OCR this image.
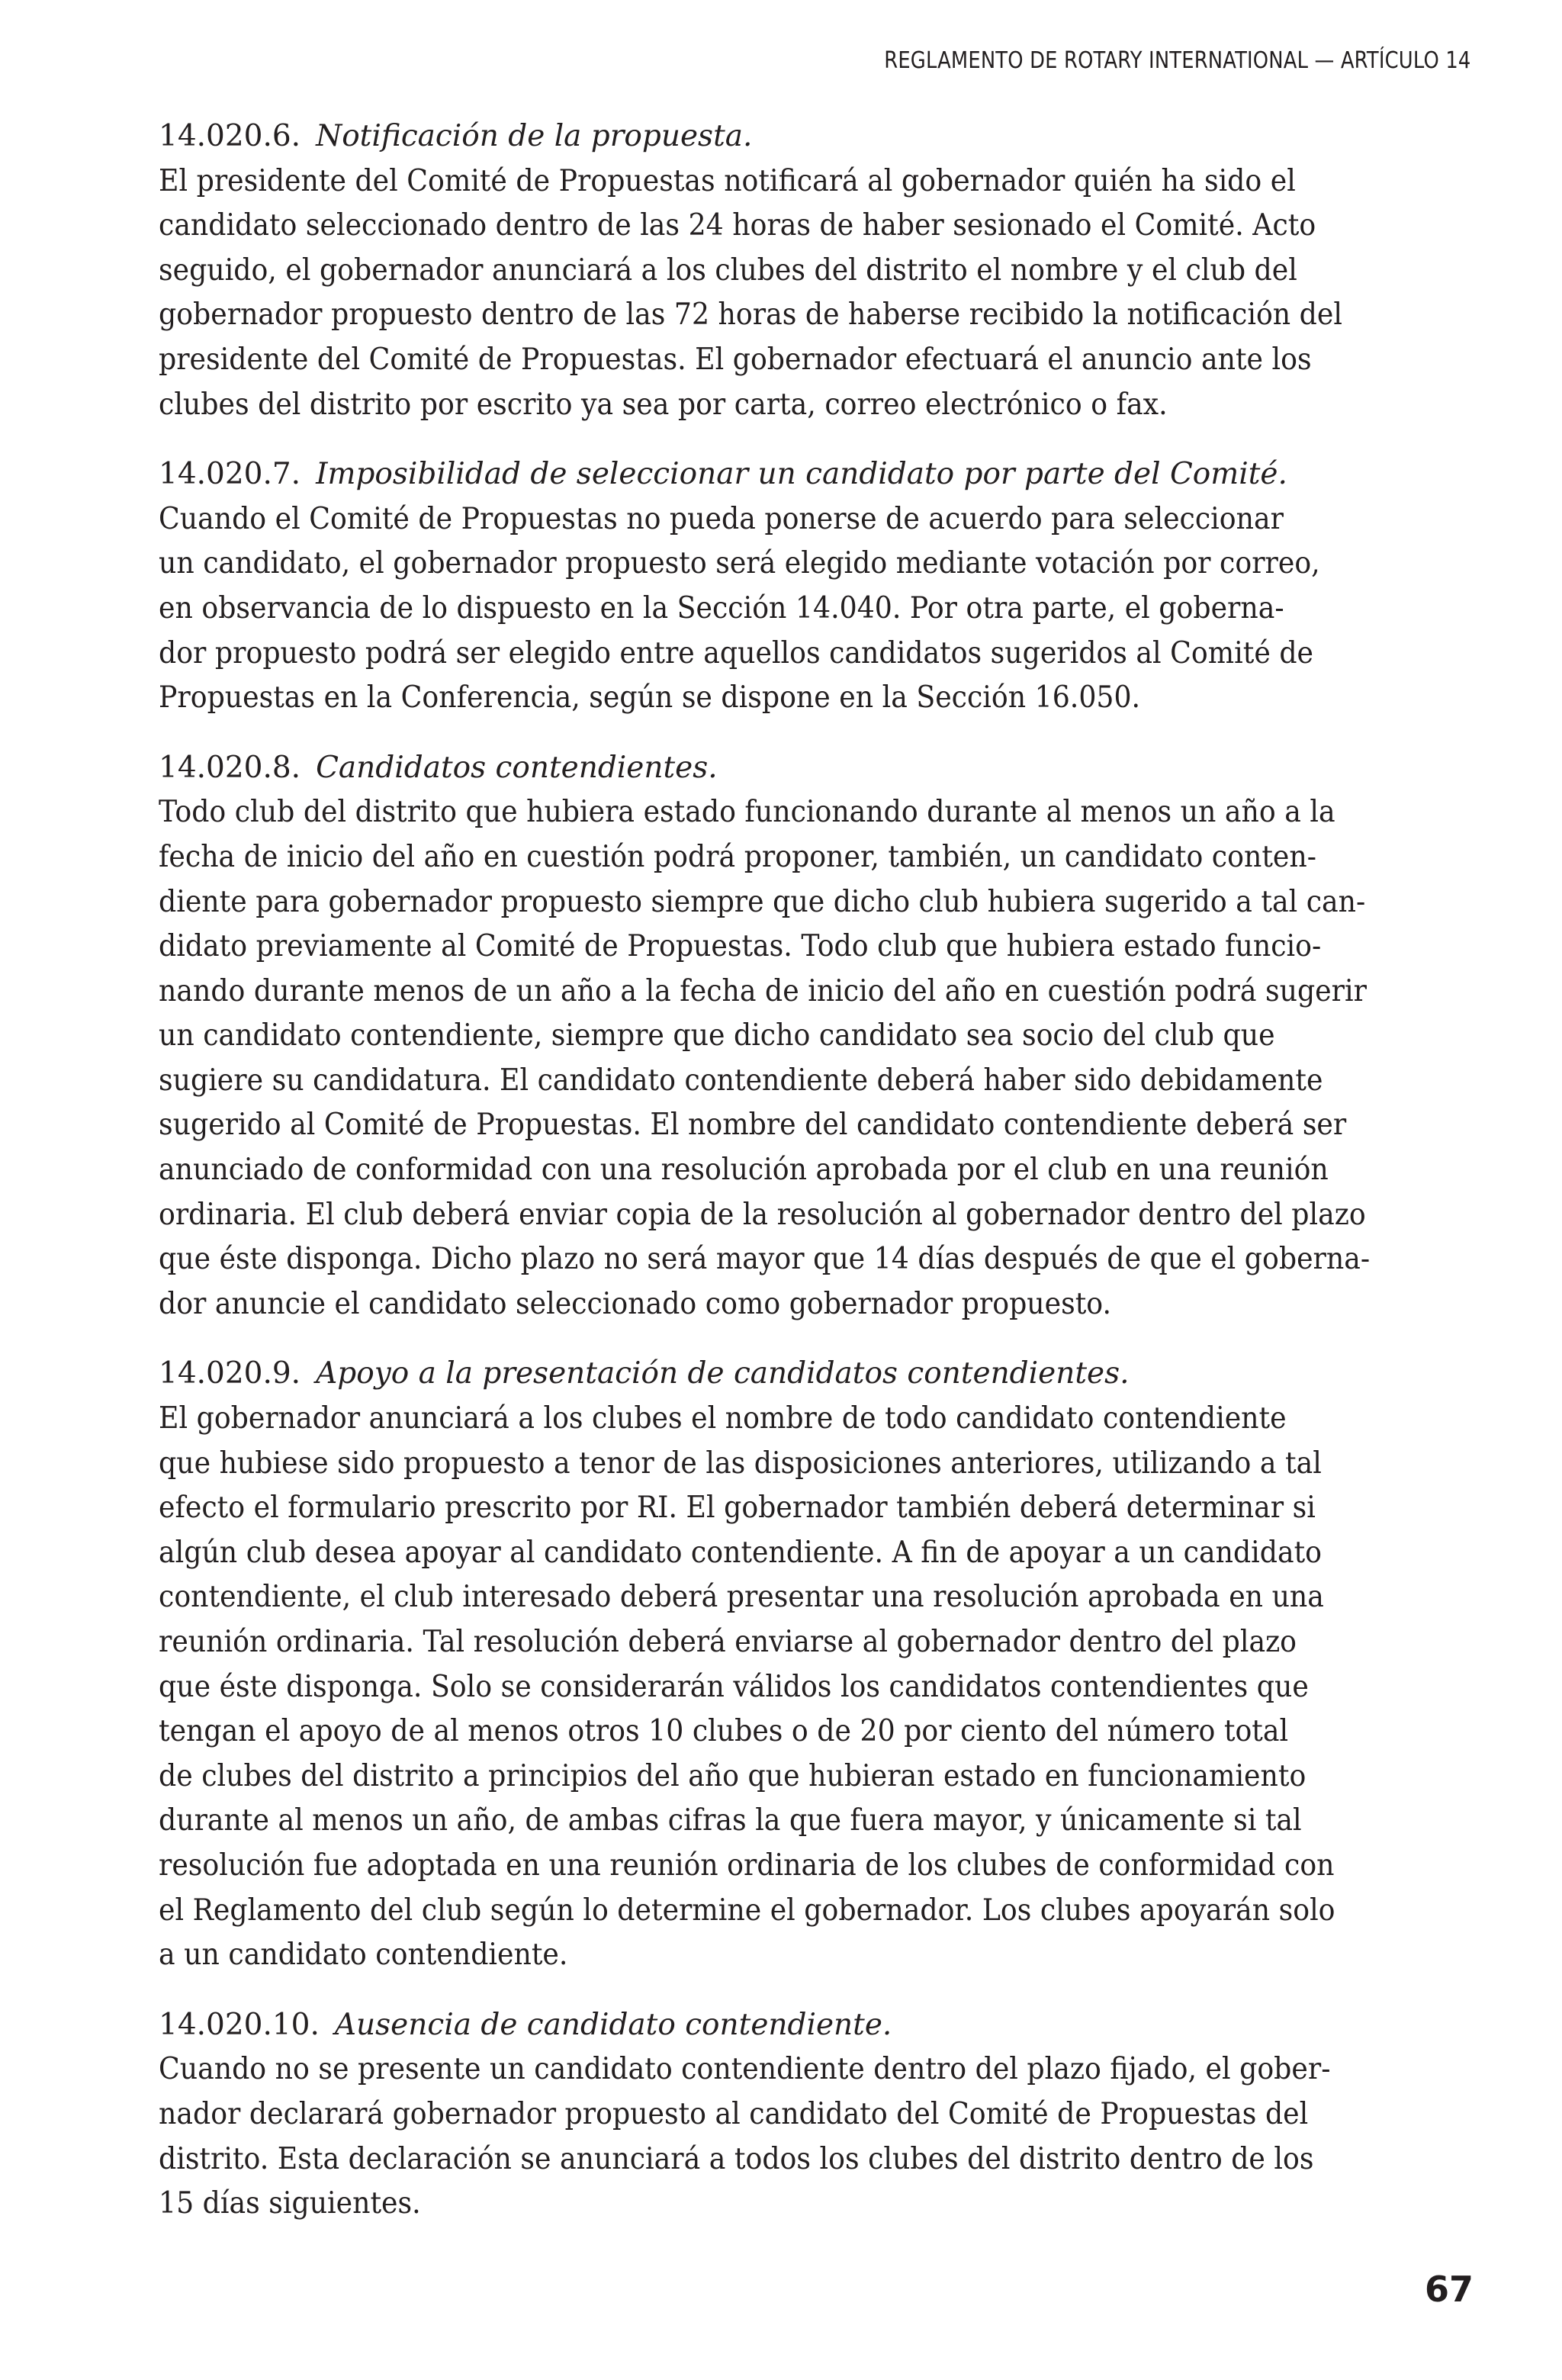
REGLAMENTO DE ROTARY INTERNATIONAL — ARTÍCULO 14
14.020.6. Notificación de la propuesta.
El presidente del Comité de Propuestas notificará al gobernador quién ha sido el
candidato seleccionado dentro de las 24 horas de haber sesionado el Comité. Acto
seguido, el gobernador anunciará a los clubes del distrito el nombre y el club del
gobernador propuesto dentro de las 72 horas de haberse recibido la notificación del
presidente del Comité de Propuestas. El gobernador efectuará el anuncio ante los
clubes del distrito por escrito ya sea por carta, correo electrónico o fax.
14.020.7. Imposibilidad de seleccionar un candidato por parte del Comité.
Cuando el Comité de Propuestas no pueda ponerse de acuerdo para seleccionar
un candidato, el gobernador propuesto será elegido mediante votación por correo,
en observancia de lo dispuesto en la Sección 14.040. Por otra parte, el goberna-
dor propuesto podrá ser elegido entre aquellos candidatos sugeridos al Comité de
Propuestas en la Conferencia, según se dispone en la Sección 16.050.
14.020.8. Candidatos contendientes.
Todo club del distrito que hubiera estado funcionando durante al menos un año a la
fecha de inicio del año en cuestión podrá proponer, también, un candidato conten-
diente para gobernador propuesto siempre que dicho club hubiera sugerido a tal can-
didato previamente al Comité de Propuestas. Todo club que hubiera estado funcio-
nando durante menos de un año a la fecha de inicio del año en cuestión podrá sugerir
un candidato contendiente, siempre que dicho candidato sea socio del club que
sugiere su candidatura. El candidato contendiente deberá haber sido debidamente
sugerido al Comité de Propuestas. El nombre del candidato contendiente deberá ser
anunciado de conformidad con una resolución aprobada por el club en una reunión
ordinaria. El club deberá enviar copia de la resolución al gobernador dentro del plazo
que éste disponga. Dicho plazo no será mayor que 14 días después de que el goberna-
dor anuncie el candidato seleccionado como gobernador propuesto.
14.020.9. Apoyo a la presentación de candidatos contendientes.
El gobernador anunciará a los clubes el nombre de todo candidato contendiente
que hubiese sido propuesto a tenor de las disposiciones anteriores, utilizando a tal
efecto el formulario prescrito por RI. El gobernador también deberá determinar si
algún club desea apoyar al candidato contendiente. A fin de apoyar a un candidato
contendiente, el club interesado deberá presentar una resolución aprobada en una
reunión ordinaria. Tal resolución deberá enviarse al gobernador dentro del plazo
que éste disponga. Solo se considerarán válidos los candidatos contendientes que
tengan el apoyo de al menos otros 10 clubes o de 20 por ciento del número total
de clubes del distrito a principios del año que hubieran estado en funcionamiento
durante al menos un año, de ambas cifras la que fuera mayor, y únicamente si tal
resolución fue adoptada en una reunión ordinaria de los clubes de conformidad con
el Reglamento del club según lo determine el gobernador. Los clubes apoyarán solo
a un candidato contendiente.
14.020.10. Ausencia de candidato contendiente.
Cuando no se presente un candidato contendiente dentro del plazo fijado, el gober-
nador declarará gobernador propuesto al candidato del Comité de Propuestas del
distrito. Esta declaración se anunciará a todos los clubes del distrito dentro de los
15 días siguientes.
67
